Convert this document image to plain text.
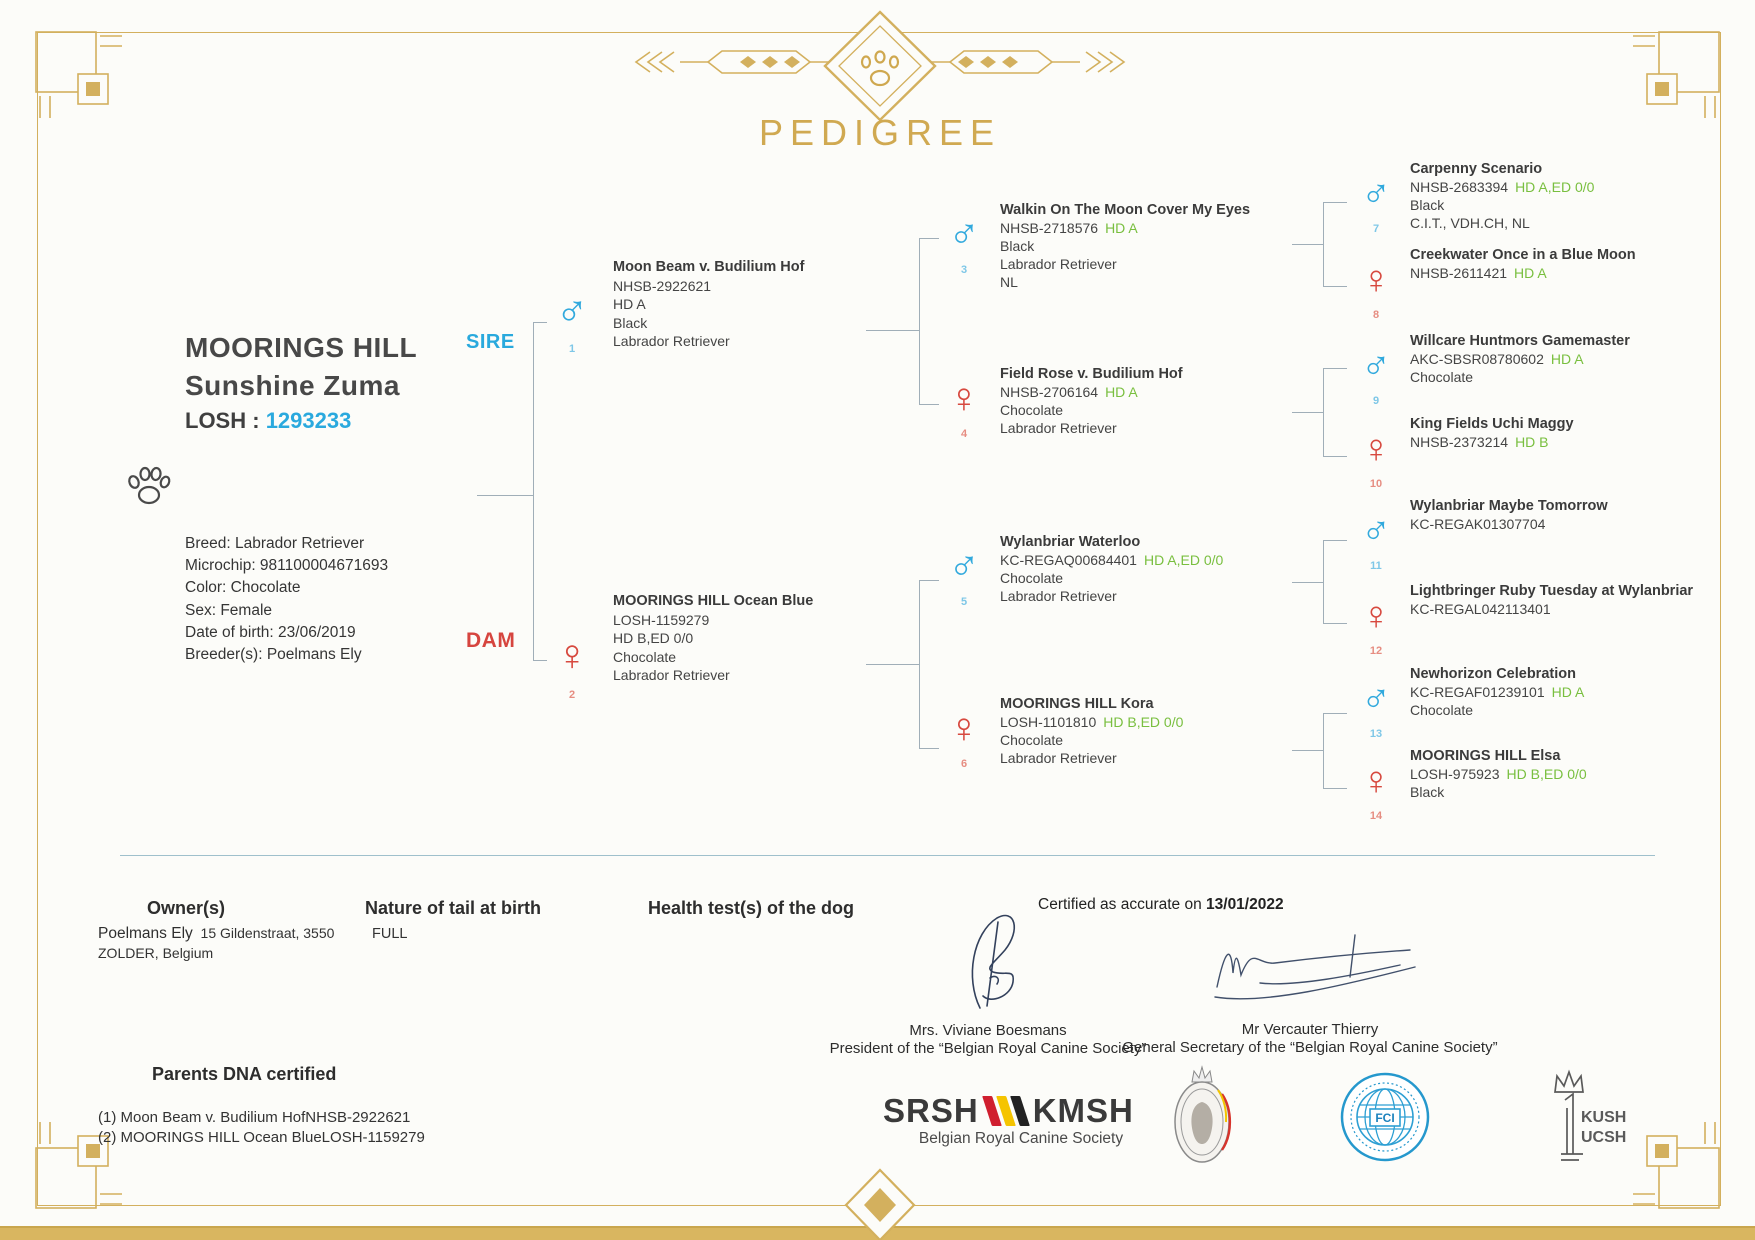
PEDIGREE
MOORINGS HILL
Sunshine Zuma
LOSH : 1293233
Breed: Labrador Retriever
Microchip: 981100004671693
Color: Chocolate
Sex: Female
Date of birth: 23/06/2019
Breeder(s): Poelmans Ely
SIRE
DAM
♂
1
Moon Beam v. Budilium Hof
NHSB-2922621
HD A
Black
Labrador Retriever
♀
2
MOORINGS HILL Ocean Blue
LOSH-1159279
HD B,ED 0/0
Chocolate
Labrador Retriever
♂
3
Walkin On The Moon Cover My Eyes
NHSB-2718576 HD A
Black
Labrador Retriever
NL
♀
4
Field Rose v. Budilium Hof
NHSB-2706164 HD A
Chocolate
Labrador Retriever
♂
5
Wylanbriar Waterloo
KC-REGAQ00684401 HD A,ED 0/0
Chocolate
Labrador Retriever
♀
6
MOORINGS HILL Kora
LOSH-1101810 HD B,ED 0/0
Chocolate
Labrador Retriever
♂
7
Carpenny Scenario
NHSB-2683394 HD A,ED 0/0
Black
C.I.T., VDH.CH, NL
♀
8
Creekwater Once in a Blue Moon
NHSB-2611421 HD A
♂
9
Willcare Huntmors Gamemaster
AKC-SBSR08780602 HD A
Chocolate
♀
10
King Fields Uchi Maggy
NHSB-2373214 HD B
♂
11
Wylanbriar Maybe Tomorrow
KC-REGAK01307704
♀
12
Lightbringer Ruby Tuesday at Wylanbriar
KC-REGAL042113401
♂
13
Newhorizon Celebration
KC-REGAF01239101 HD A
Chocolate
♀
14
MOORINGS HILL Elsa
LOSH-975923 HD B,ED 0/0
Black
Owner(s)
Poelmans Ely 15 Gildenstraat, 3550
ZOLDER, Belgium
Nature of tail at birth
FULL
Health test(s) of the dog	Certified as accurate on 13/01/2022
Mrs. Viviane Boesmans
President of the “Belgian Royal Canine Society”
Mr Vercauter Thierry
General Secretary of the “Belgian Royal Canine Society”
Parents DNA certified
(1) Moon Beam v. Budilium HofNHSB-2922621
(2) MOORINGS HILL Ocean BlueLOSH-1159279
SRSH KMSH
Belgian Royal Canine Society
FCI	KUSH
UCSH
